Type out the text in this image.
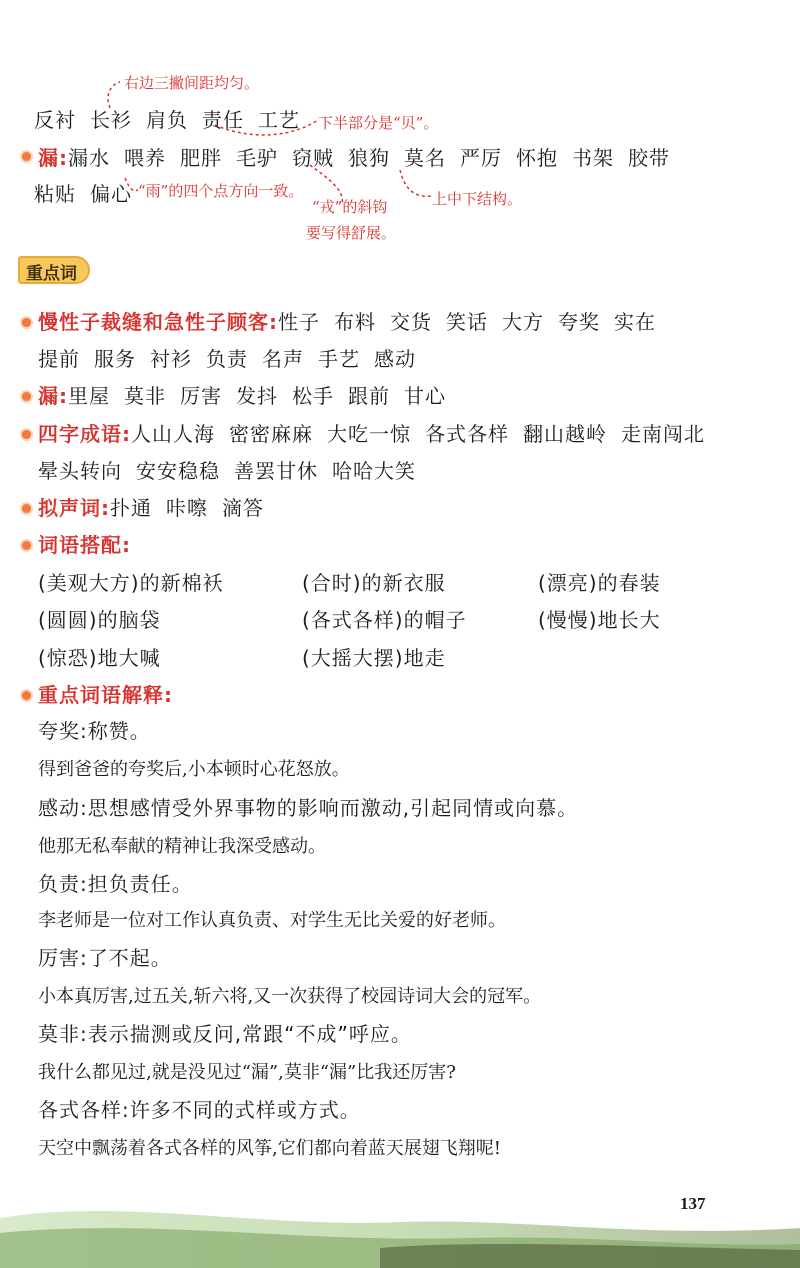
右边三撇间距均匀。
反衬 长衫 肩负 责任 工艺	下半部分是“贝”。
漏:漏水 喂养 肥胖 毛驴 窃贼 狼狗 莫名 严厉 怀抱 书架 胶带
粘贴 偏心 “雨”的四个点方向一致。	上中下结构。
“戎”的斜钩
要写得舒展。
重点词
慢性子裁缝和急性子顾客:性子 布料 交货 笑话 大方 夸奖 实在
提前 服务 衬衫 负责 名声 手艺 感动
漏:里屋 莫非 厉害 发抖 松手 跟前 甘心
四字成语:人山人海 密密麻麻 大吃一惊 各式各样 翻山越岭 走南闯北
晕头转向 安安稳稳 善罢甘休 哈哈大笑
拟声词:扑通 咔嚓 滴答
词语搭配:
(美观大方)的新棉袄	(合时)的新衣服	(漂亮)的春装
(圆圆)的脑袋	(各式各样)的帽子	(慢慢)地长大
(惊恐)地大喊	(大摇大摆)地走
重点词语解释:
夸奖:称赞。
得到爸爸的夸奖后,小本顿时心花怒放。
感动:思想感情受外界事物的影响而激动,引起同情或向慕。
他那无私奉献的精神让我深受感动。
负责:担负责任。
李老师是一位对工作认真负责、对学生无比关爱的好老师。
厉害:了不起。
小本真厉害,过五关,斩六将,又一次获得了校园诗词大会的冠军。
莫非:表示揣测或反问,常跟“不成”呼应。
我什么都见过,就是没见过“漏”,莫非“漏”比我还厉害?
各式各样:许多不同的式样或方式。
天空中飘荡着各式各样的风筝,它们都向着蓝天展翅飞翔呢!
137
